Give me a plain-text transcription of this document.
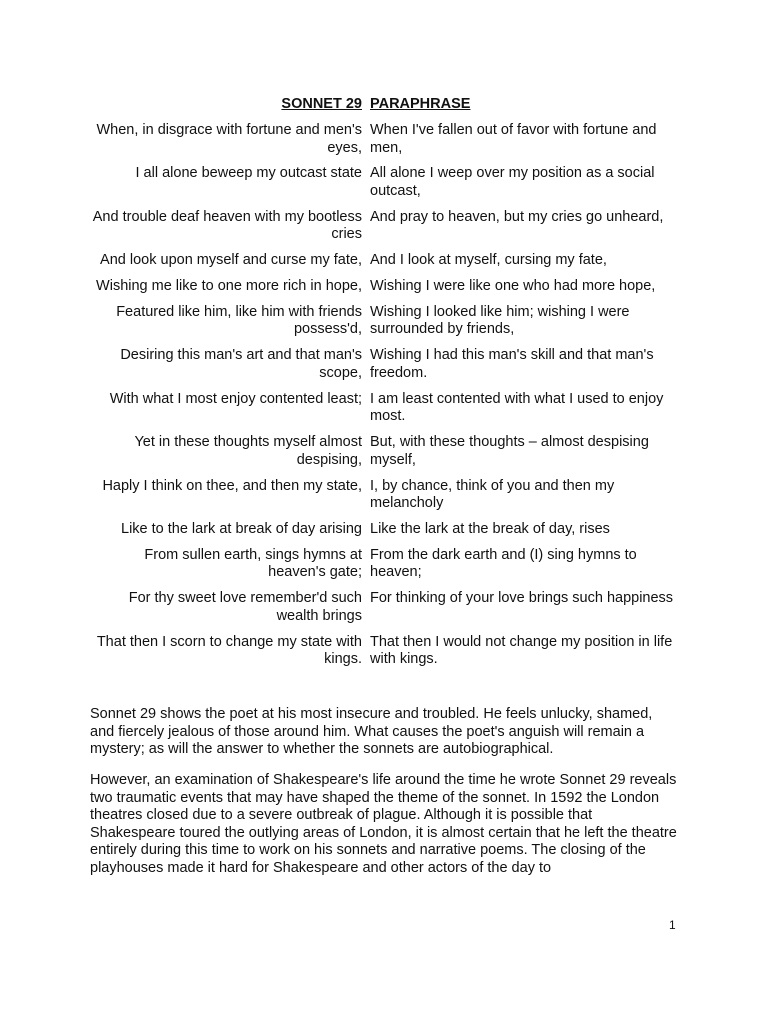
SONNET 29 PARAPHRASE
When, in disgrace with fortune and men's eyes,
When I've fallen out of favor with fortune and men,
I all alone beweep my outcast state All alone I weep over my position as a social outcast,
And trouble deaf heaven with my bootless cries
And pray to heaven, but my cries go unheard,
And look upon myself and curse my fate, And I look at myself, cursing my fate,
Wishing me like to one more rich in hope, Wishing I were like one who had more hope,
Featured like him, like him with friends possess'd,
Wishing I looked like him; wishing I were surrounded by friends,
Desiring this man's art and that man's scope,
Wishing I had this man's skill and that man's freedom.
With what I most enjoy contented least; I am least contented with what I used to enjoy most.
Yet in these thoughts myself almost despising,
But, with these thoughts – almost despising myself,
Haply I think on thee, and then my state, I, by chance, think of you and then my melancholy
Like to the lark at break of day arising Like the lark at the break of day, rises
From sullen earth, sings hymns at heaven's gate;
From the dark earth and (I) sing hymns to heaven;
For thy sweet love remember'd such wealth brings
For thinking of your love brings such happiness
That then I scorn to change my state with kings.
That then I would not change my position in life with kings.
Sonnet 29 shows the poet at his most insecure and troubled. He feels unlucky, shamed, and fiercely jealous of those around him. What causes the poet's anguish will remain a mystery; as will the answer to whether the sonnets are autobiographical.
However, an examination of Shakespeare's life around the time he wrote Sonnet 29 reveals two traumatic events that may have shaped the theme of the sonnet. In 1592 the London theatres closed due to a severe outbreak of plague. Although it is possible that Shakespeare toured the outlying areas of London, it is almost certain that he left the theatre entirely during this time to work on his sonnets and narrative poems. The closing of the playhouses made it hard for Shakespeare and other actors of the day to
1
